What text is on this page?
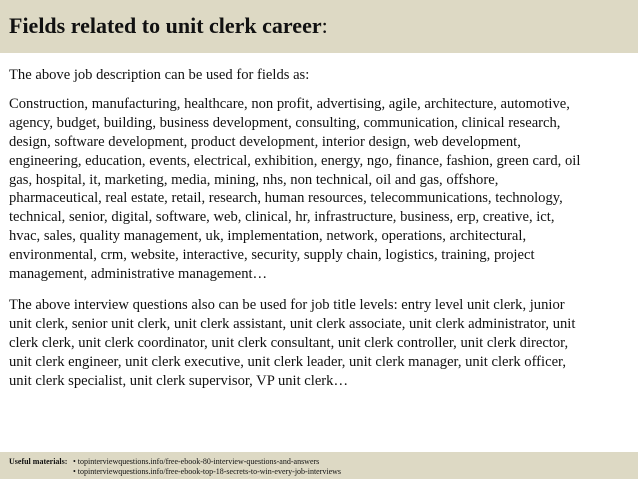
Fields related to unit clerk career:

The above job description can be used for fields as:

Construction, manufacturing, healthcare, non profit, advertising, agile, architecture, automotive,
agency, budget, building, business development, consulting, communication, clinical research,
design, software development, product development, interior design, web development,
engineering, education, events, electrical, exhibition, energy, ngo, finance, fashion, green card, oil
gas, hospital, it, marketing, media, mining, nhs, non technical, oil and gas, offshore,
pharmaceutical, real estate, retail, research, human resources, telecommunications, technology,
technical, senior, digital, software, web, clinical, hr, infrastructure, business, erp, creative, ict,
hvac, sales, quality management, uk, implementation, network, operations, architectural,
environmental, crm, website, interactive, security, supply chain, logistics, training, project
management, administrative management…

The above interview questions also can be used for job title levels: entry level unit clerk, junior
unit clerk, senior unit clerk, unit clerk assistant, unit clerk associate, unit clerk administrator, unit
clerk clerk, unit clerk coordinator, unit clerk consultant, unit clerk controller, unit clerk director,
unit clerk engineer, unit clerk executive, unit clerk leader, unit clerk manager, unit clerk officer,
unit clerk specialist, unit clerk supervisor, VP unit clerk…

Useful materials: • topinterviewquestions.info/free-ebook-80-interview-questions-and-answers
• topinterviewquestions.info/free-ebook-top-18-secrets-to-win-every-job-interviews
